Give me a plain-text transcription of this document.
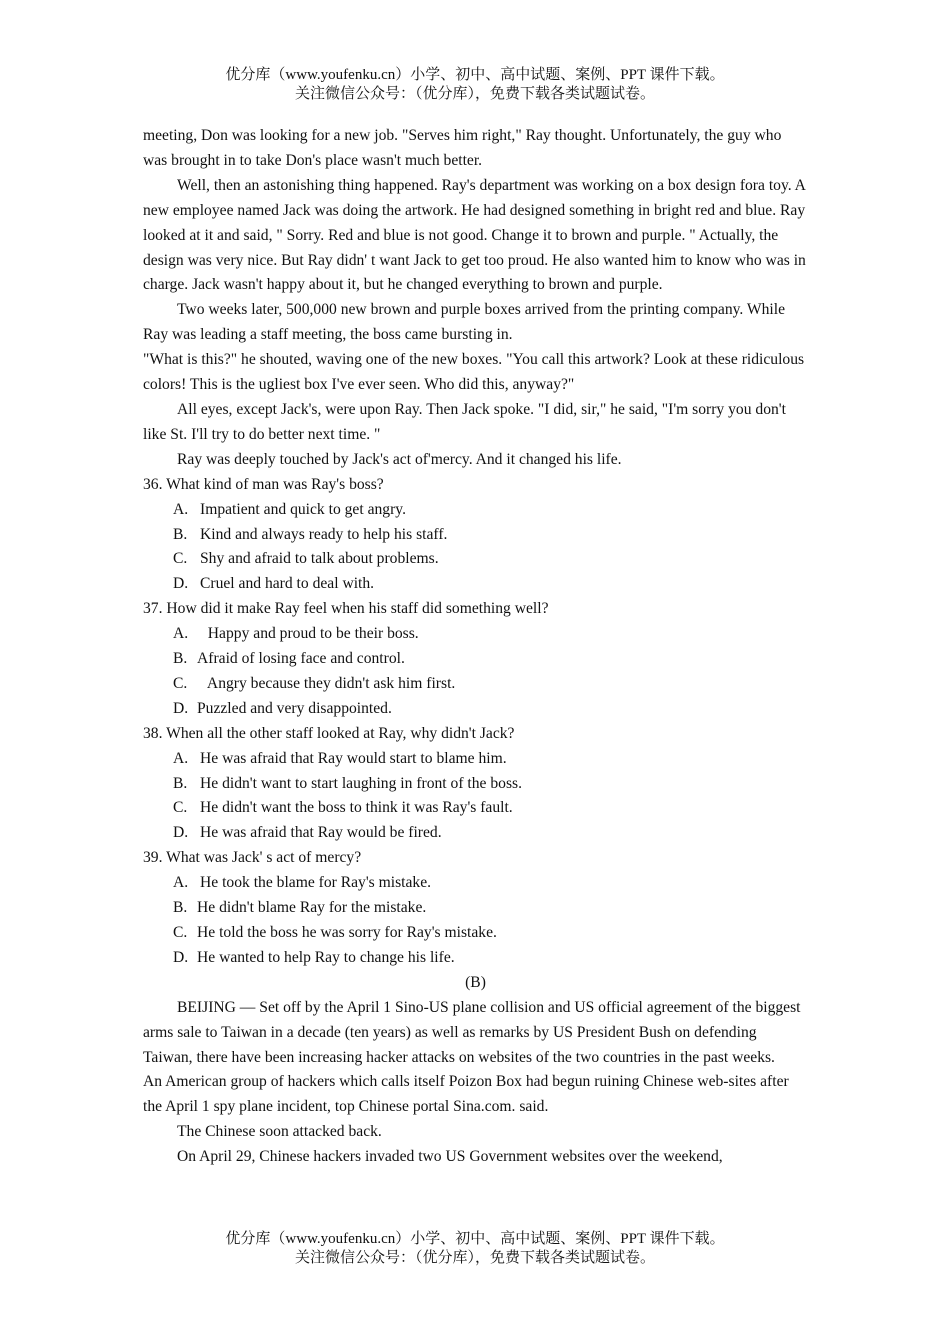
优分库（www.youfenku.cn）小学、初中、高中试题、案例、PPT 课件下载。
关注微信公众号：（优分库），免费下载各类试题试卷。

meeting, Don was looking for a new job. "Serves him right," Ray thought. Unfortunately, the guy who was brought in to take Don's place wasn't much better.

Well, then an astonishing thing happened. Ray's department was working on a box design fora toy. A new employee named Jack was doing the artwork. He had designed something in bright red and blue. Ray looked at it and said, " Sorry. Red and blue is not good. Change it to brown and purple. " Actually, the design was very nice. But Ray didn' t want Jack to get too proud. He also wanted him to know who was in charge. Jack wasn't happy about it, but he changed everything to brown and purple.

Two weeks later, 500,000 new brown and purple boxes arrived from the printing company. While Ray was leading a staff meeting, the boss came bursting in.

"What is this?" he shouted, waving one of the new boxes. "You call this artwork? Look at these ridiculous colors! This is the ugliest box I've ever seen. Who did this, anyway?"

All eyes, except Jack's, were upon Ray. Then Jack spoke. "I did, sir," he said, "I'm sorry you don't like St. I'll try to do better next time. "

Ray was deeply touched by Jack's act of'mercy. And it changed his life.

36. What kind of man was Ray's boss?

A. Impatient and quick to get angry.

B. Kind and always ready to help his staff.

C. Shy and afraid to talk about problems.

D. Cruel and hard to deal with.

37. How did it make Ray feel when his staff did something well?

A.  Happy and proud to be their boss.

B. Afraid of losing face and control.

C.  Angry because they didn't ask him first.

D. Puzzled and very disappointed.

38. When all the other staff looked at Ray, why didn't Jack?

A. He was afraid that Ray would start to blame him.

B. He didn't want to start laughing in front of the boss.

C. He didn't want the boss to think it was Ray's fault.

D. He was afraid that Ray would be fired.

39. What was Jack' s act of mercy?

A. He took the blame for Ray's mistake.

B. He didn't blame Ray for the mistake.

C. He told the boss he was sorry for Ray's mistake.

D. He wanted to help Ray to change his life.

(B)

BEIJING — Set off by the April 1 Sino-US plane collision and US official agreement of the biggest arms sale to Taiwan in a decade (ten years) as well as remarks by US President Bush on defending Taiwan, there have been increasing hacker attacks on websites of the two countries in the past weeks.

An American group of hackers which calls itself Poizon Box had begun ruining Chinese web-sites after the April 1 spy plane incident, top Chinese portal Sina.com. said.

The Chinese soon attacked back.

On April 29, Chinese hackers invaded two US Government websites over the weekend,

优分库（www.youfenku.cn）小学、初中、高中试题、案例、PPT 课件下载。
关注微信公众号：（优分库），免费下载各类试题试卷。
